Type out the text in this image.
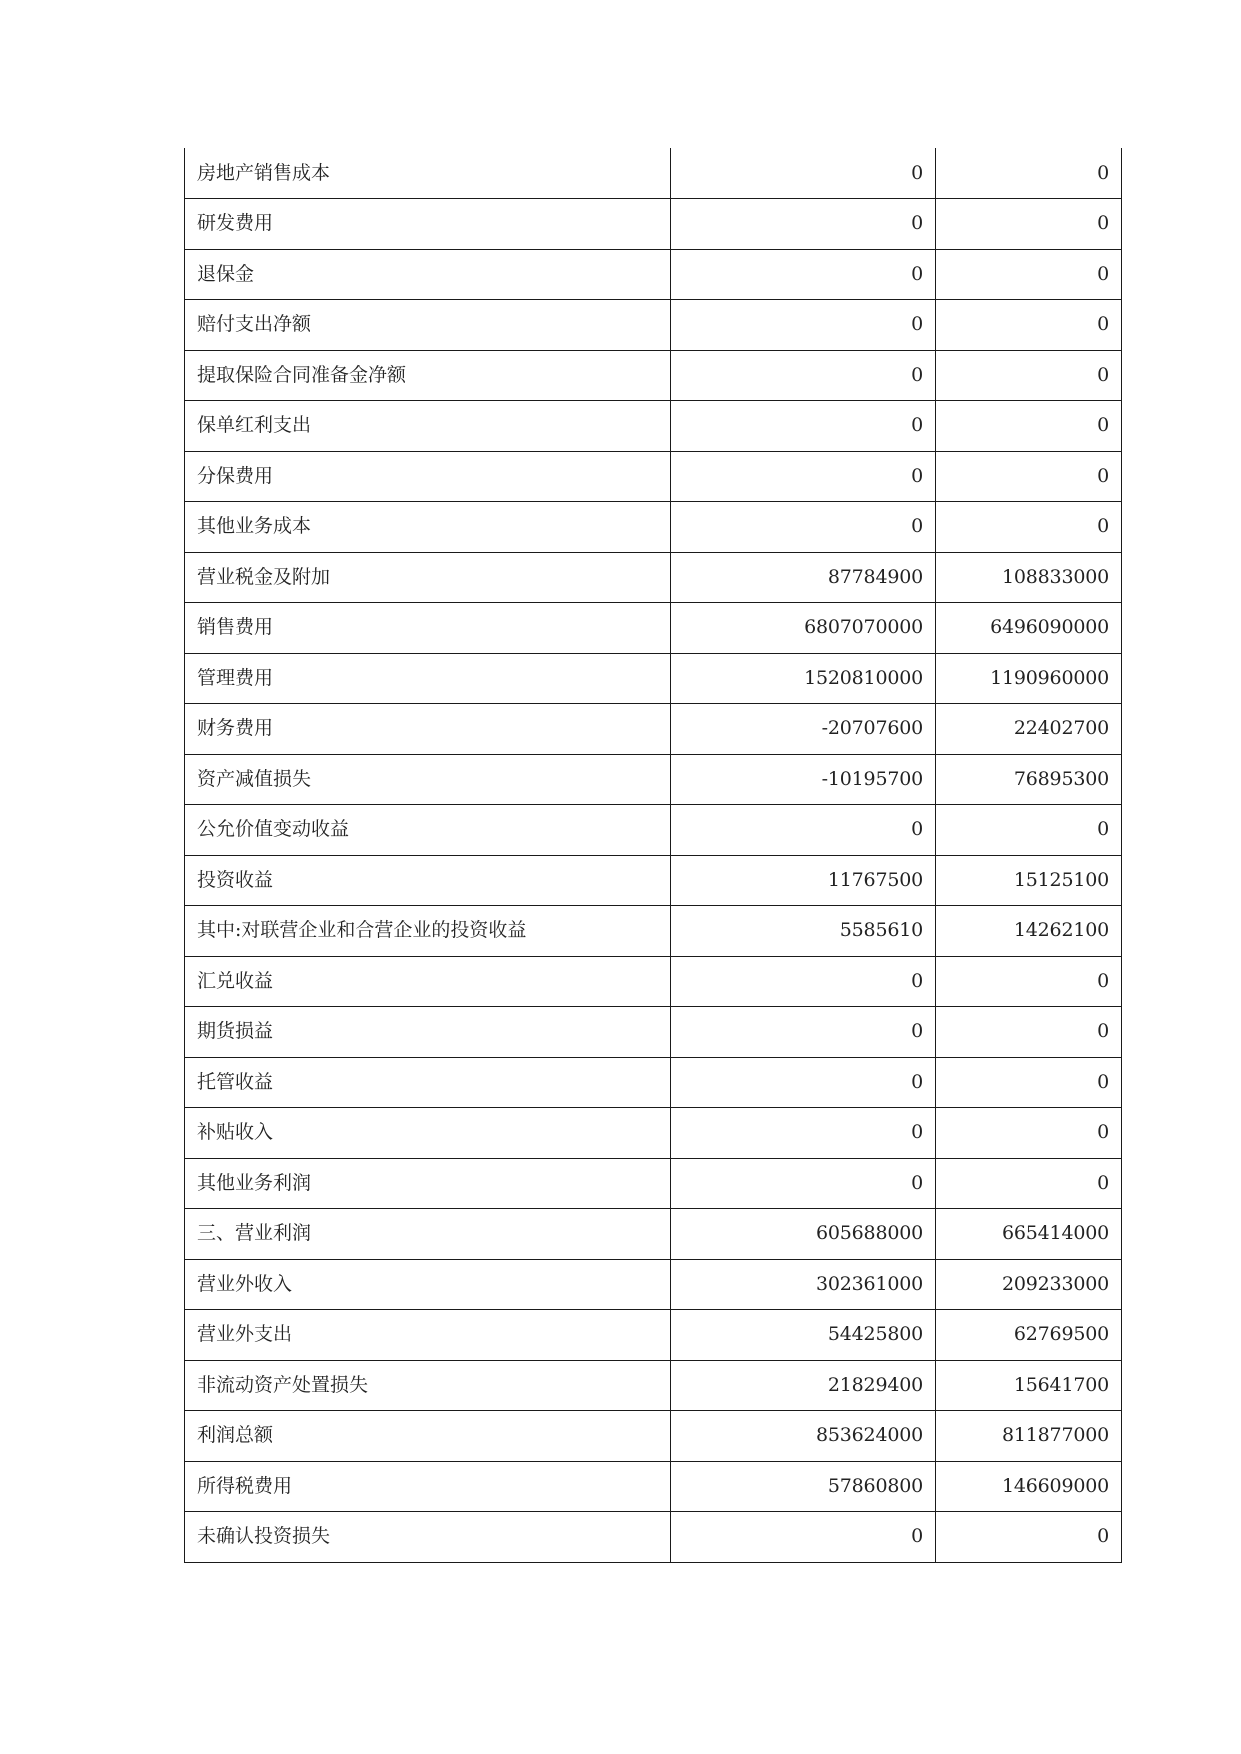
房地产销售成本	0	0
研发费用	0	0
退保金	0	0
赔付支出净额	0	0
提取保险合同准备金净额	0	0
保单红利支出	0	0
分保费用	0	0
其他业务成本	0	0
营业税金及附加	87784900	108833000
销售费用	6807070000	6496090000
管理费用	1520810000	1190960000
财务费用	-20707600	22402700
资产减值损失	-10195700	76895300
公允价值变动收益	0	0
投资收益	11767500	15125100
其中:对联营企业和合营企业的投资收益	5585610	14262100
汇兑收益	0	0
期货损益	0	0
托管收益	0	0
补贴收入	0	0
其他业务利润	0	0
三、营业利润	605688000	665414000
营业外收入	302361000	209233000
营业外支出	54425800	62769500
非流动资产处置损失	21829400	15641700
利润总额	853624000	811877000
所得税费用	57860800	146609000
未确认投资损失	0	0
